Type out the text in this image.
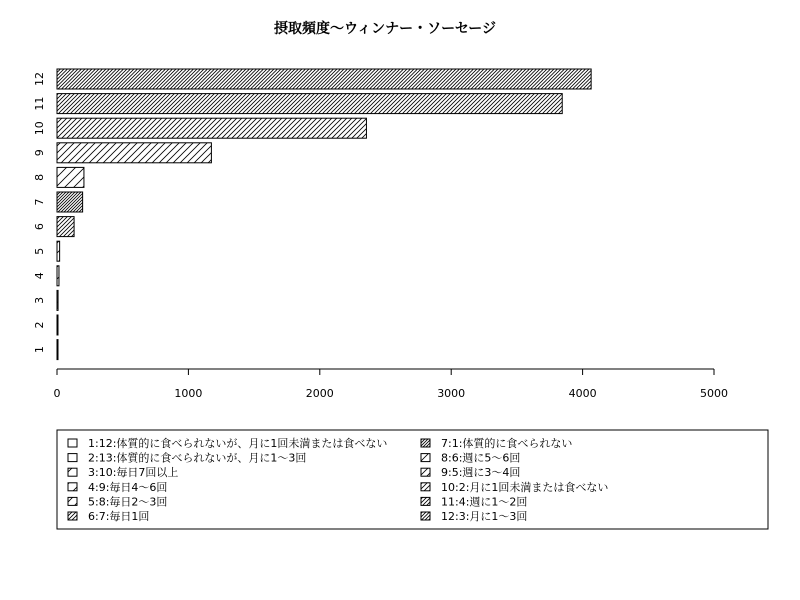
摂取頻度〜ウィンナー・ソーセージ
1
2
3
4
5
6
7
8
9
10
11
12
0	1000	2000	3000	4000	5000
1:12:体質的に食べられないが、月に1回未満または食べない
2:13:体質的に食べられないが、月に1〜3回
3:10:毎日7回以上
4:9:毎日4〜6回
5:8:毎日2〜3回
6:7:毎日1回
7:1:体質的に食べられない
8:6:週に5〜6回
9:5:週に3〜4回
10:2:月に1回未満または食べない
11:4:週に1〜2回
12:3:月に1〜3回
